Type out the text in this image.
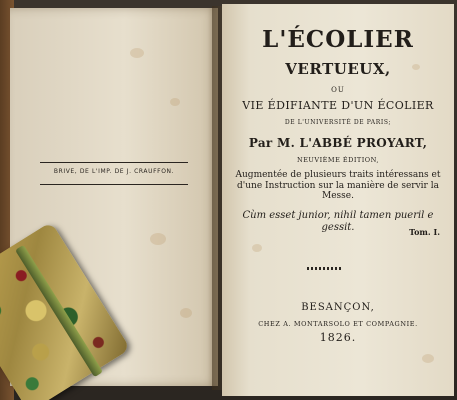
BRIVE, DE L'IMP. DE J. CRAUFFON.

L'ÉCOLIER

VERTUEUX,

OU

VIE ÉDIFIANTE D'UN ÉCOLIER

DE L'UNIVERSITÉ DE PARIS;

Par M. L'ABBÉ PROYART,

NEUVIÈME ÉDITION,

Augmentée de plusieurs traits intéressans et d'une Instruction sur la manière de servir la Messe.

Cùm esset junior, nihil tamen pueril e gessit.	Tom. I.

BESANÇON,

CHEZ A. MONTARSOLO ET COMPAGNIE.

1826.
